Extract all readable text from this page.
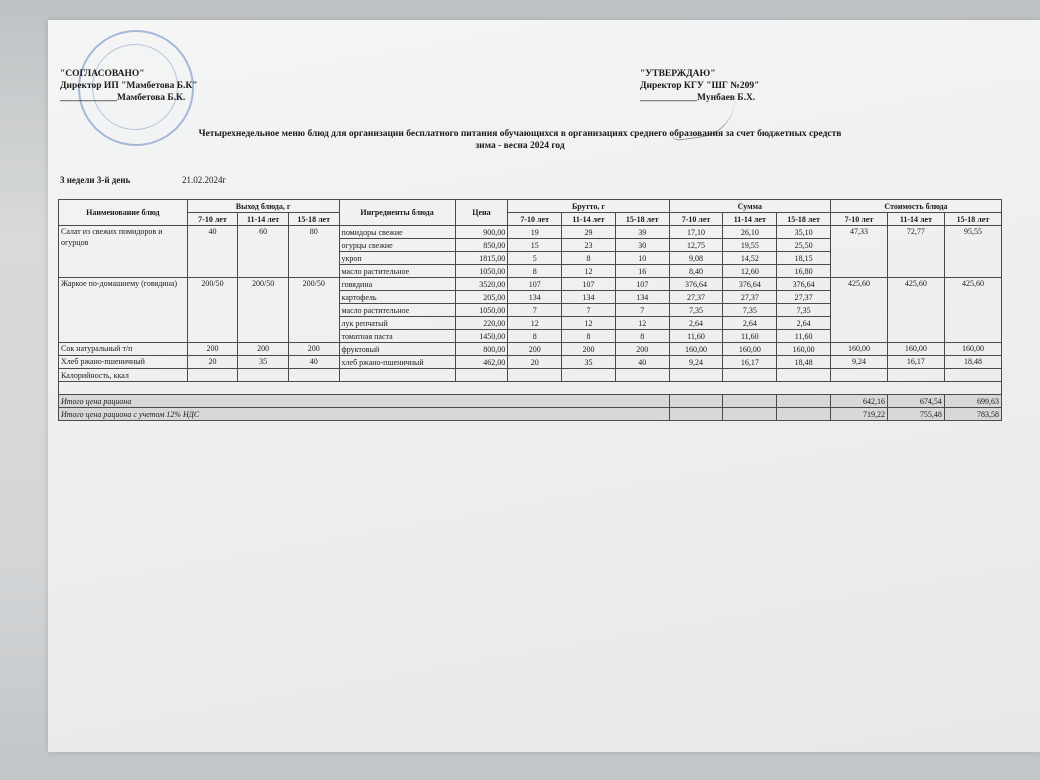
"СОГЛАСОВАНО"
Директор ИП "Мамбетова Б.К"
____________Мамбетова Б.К.
"УТВЕРЖДАЮ"
Директор КГУ "ШГ №209"
____________Мунбаев Б.Х.
Четырехнедельное меню блюд для организации бесплатного питания обучающихся в организациях среднего образования за счет бюджетных средств
зима - весна 2024 год
3 недели 3-й день	21.02.2024г
Наименование блюд	Выход блюда, г			Ингредиенты блюда	Цена	Брутто, г			Сумма			Стоимость блюда		
	7-10 лет	11-14 лет	15-18 лет			7-10 лет	11-14 лет	15-18 лет	7-10 лет	11-14 лет	15-18 лет	7-10 лет	11-14 лет	15-18 лет
Салат из свежих помидоров и огурцов	40	60	80	помидоры свежие	900,00	19	29	39	17,10	26,10	35,10	47,33	72,77	95,55
				огурцы свежие	850,00	15	23	30	12,75	19,55	25,50			
				укроп	1815,00	5	8	10	9,08	14,52	18,15			
				масло растительное	1050,00	8	12	16	8,40	12,60	16,80			
Жаркое по-домашнему (говядина)	200/50	200/50	200/50	говядина	3520,00	107	107	107	376,64	376,64	376,64	425,60	425,60	425,60
				картофель	205,00	134	134	134	27,37	27,37	27,37			
				масло растительное	1050,00	7	7	7	7,35	7,35	7,35			
				лук репчатый	220,00	12	12	12	2,64	2,64	2,64			
				томатная паста	1450,00	8	8	8	11,60	11,60	11,60			
Сок натуральный т/п	200	200	200	фруктовый	800,00	200	200	200	160,00	160,00	160,00	160,00	160,00	160,00
Хлеб ржано-пшеничный	20	35	40	хлеб ржано-пшеничный	462,00	20	35	40	9,24	16,17	18,48	9,24	16,17	18,48
Калорийность, ккал														

Итого цена рациона												642,16	674,54	699,63
Итого цена рациона с учетом 12% НДС												719,22	755,48	783,58
